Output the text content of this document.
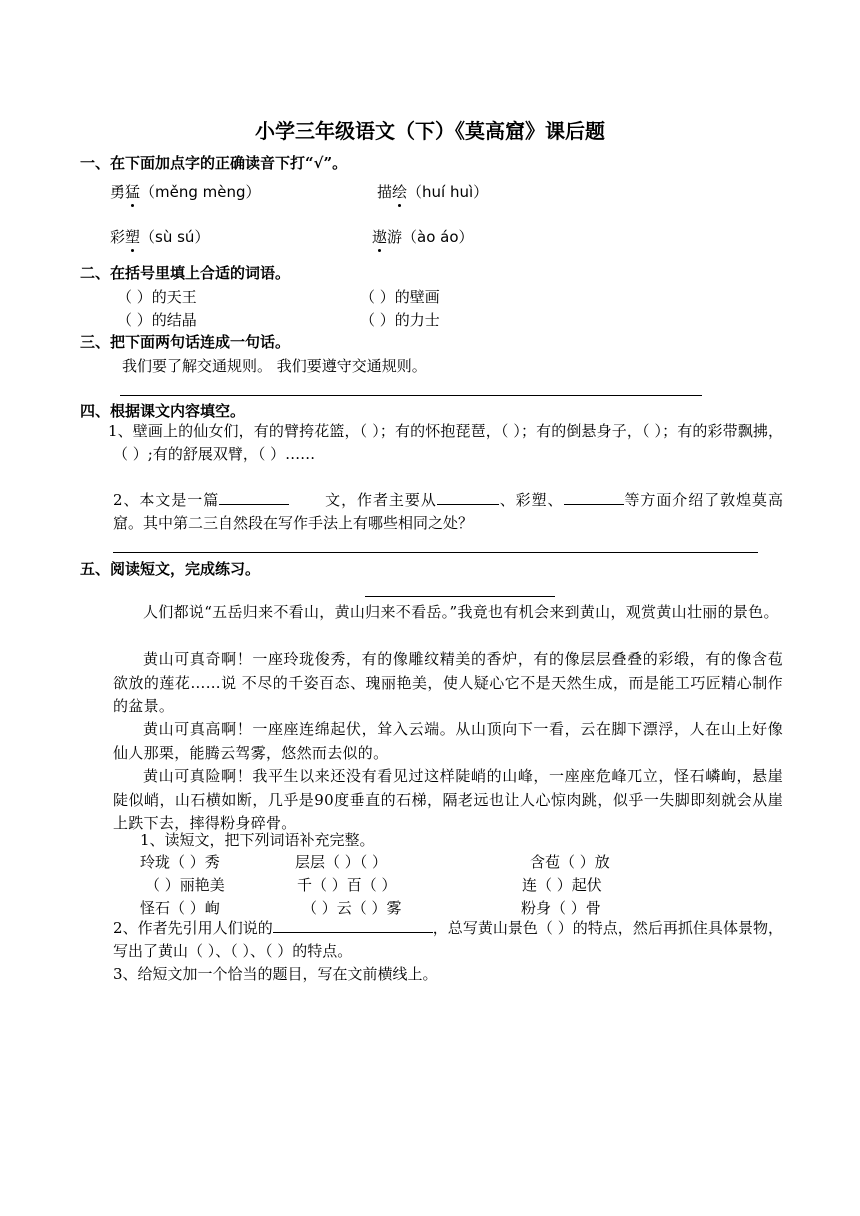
小学三年级语文（下）《莫高窟》课后题
一、在下面加点字的正确读音下打“√”。
勇猛（měng mèng）	描绘（huí huì）
彩塑（sù sú）	遨游（ào áo）
二、在括号里填上合适的词语。
（ ）的天王	（ ）的壁画
（ ）的结晶	（ ）的力士
三、把下面两句话连成一句话。
我们要了解交通规则。 我们要遵守交通规则。
四、根据课文内容填空。
1、壁画上的仙女们，有的臂挎花篮，（ ）；有的怀抱琵琶，（ ）；有的倒悬身子，（ ）；有的彩带飘拂，（ ）;有的舒展双臂，（ ）……
2、本文是一篇	文，作者主要从	、彩塑、	等方面介绍了敦煌莫高窟。其中第二三自然段在写作手法上有哪些相同之处？
五、阅读短文，完成练习。
人们都说“五岳归来不看山，黄山归来不看岳。”我竟也有机会来到黄山，观赏黄山壮丽的景色。
黄山可真奇啊！一座玲珑俊秀，有的像雕纹精美的香炉，有的像层层叠叠的彩缎，有的像含苞欲放的莲花……说 不尽的千姿百态、瑰丽艳美，使人疑心它不是天然生成，而是能工巧匠精心制作的盆景。
黄山可真高啊！一座座连绵起伏，耸入云端。从山顶向下一看，云在脚下漂浮，人在山上好像仙人那栗，能腾云驾雾，悠然而去似的。
黄山可真险啊！我平生以来还没有看见过这样陡峭的山峰，一座座危峰兀立，怪石嶙峋，悬崖陡似峭，山石横如断，几乎是90度垂直的石梯，隔老远也让人心惊肉跳，似乎一失脚即刻就会从崖上跌下去，摔得粉身碎骨。
1、读短文，把下列词语补充完整。
玲珑（ ）秀	层层（ ）（ ）	含苞（ ）放
（ ）丽艳美	千（ ）百（ ）	连（ ）起伏
怪石（ ）峋	（ ）云（ ）雾	粉身（ ）骨
2、作者先引用人们说的	，总写黄山景色（ ）的特点，然后再抓住具体景物，写出了黄山（ ）、（ ）、（ ）的特点。
3、给短文加一个恰当的题目，写在文前横线上。
